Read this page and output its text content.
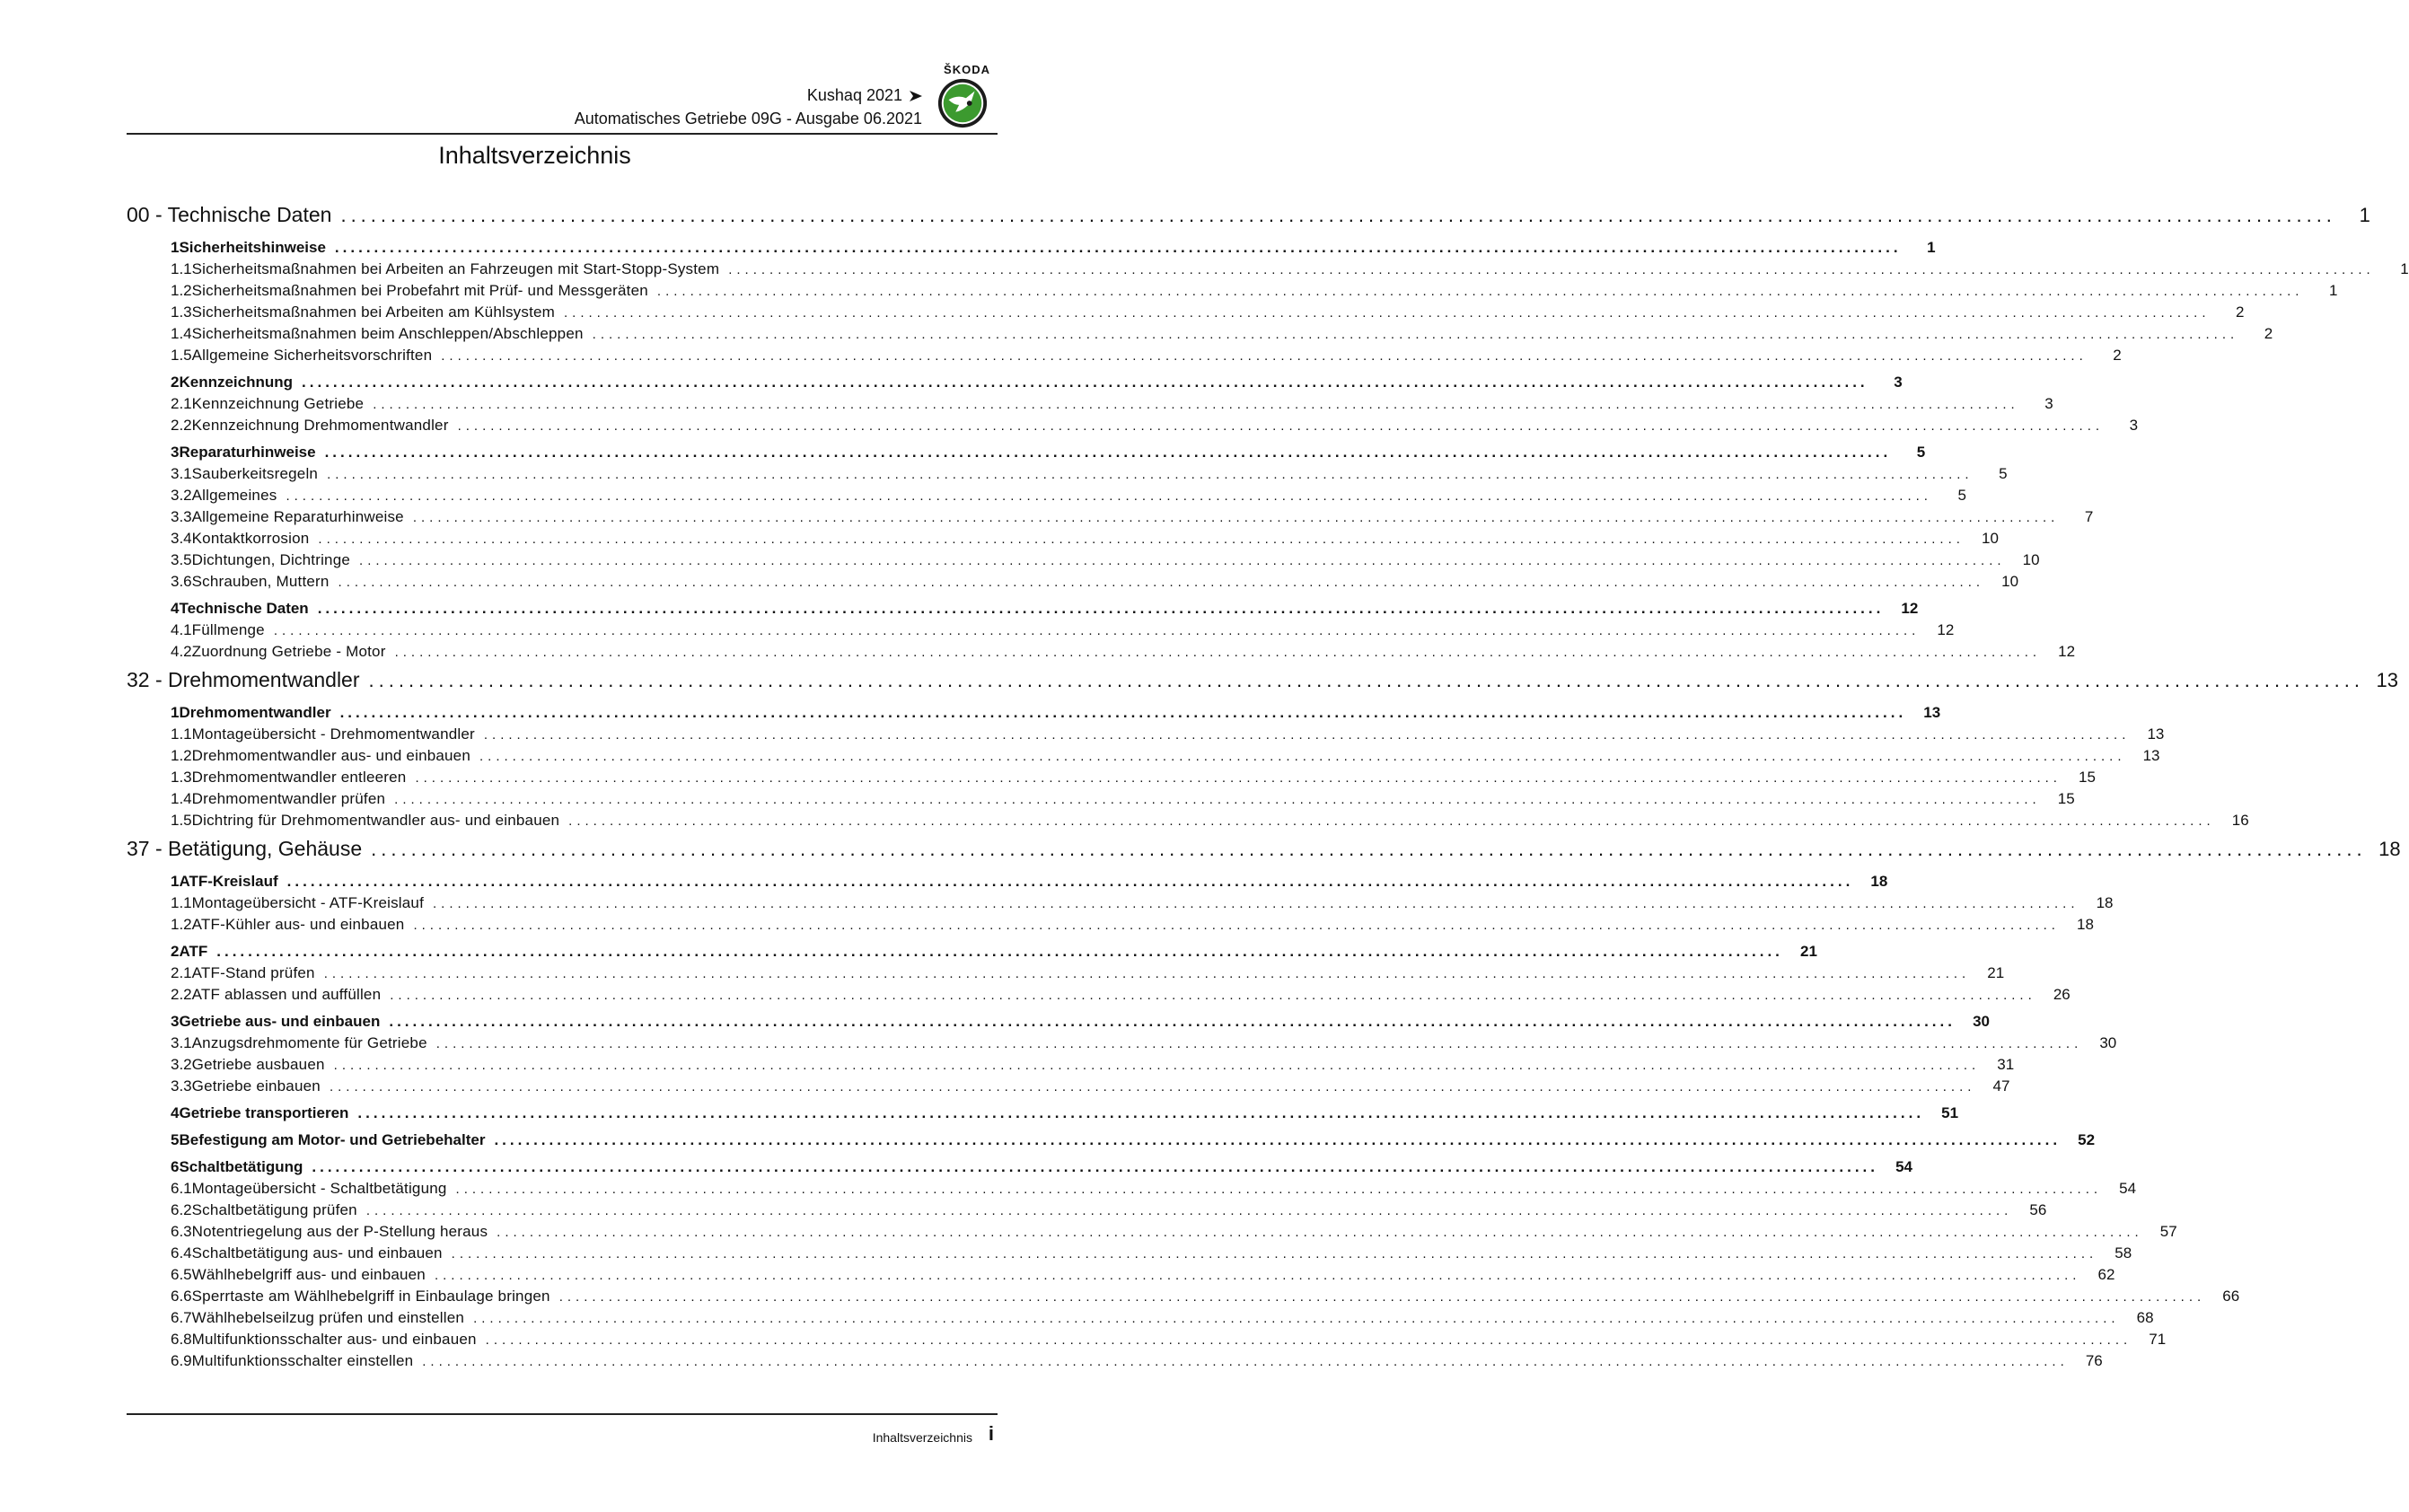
ŠKODA
Kushaq 2021
Automatisches Getriebe 09G - Ausgabe 06.2021
Inhaltsverzeichnis
00 - Technische Daten ........................................................................................................................................................................................................	1
1 Sicherheitshinweise ........................................................................................................................................................................................................	1
1.1 Sicherheitsmaßnahmen bei Arbeiten an Fahrzeugen mit Start-Stopp-System ........................................................................................................................................................................................................	1
1.2 Sicherheitsmaßnahmen bei Probefahrt mit Prüf- und Messgeräten ........................................................................................................................................................................................................	1
1.3 Sicherheitsmaßnahmen bei Arbeiten am Kühlsystem ........................................................................................................................................................................................................	2
1.4 Sicherheitsmaßnahmen beim Anschleppen/Abschleppen ........................................................................................................................................................................................................	2
1.5 Allgemeine Sicherheitsvorschriften ........................................................................................................................................................................................................	2
2 Kennzeichnung ........................................................................................................................................................................................................	3
2.1 Kennzeichnung Getriebe ........................................................................................................................................................................................................	3
2.2 Kennzeichnung Drehmomentwandler ........................................................................................................................................................................................................	3
3 Reparaturhinweise ........................................................................................................................................................................................................	5
3.1 Sauberkeitsregeln ........................................................................................................................................................................................................	5
3.2 Allgemeines ........................................................................................................................................................................................................	5
3.3 Allgemeine Reparaturhinweise ........................................................................................................................................................................................................	7
3.4 Kontaktkorrosion ........................................................................................................................................................................................................	10
3.5 Dichtungen, Dichtringe ........................................................................................................................................................................................................	10
3.6 Schrauben, Muttern ........................................................................................................................................................................................................	10
4 Technische Daten ........................................................................................................................................................................................................	12
4.1 Füllmenge ........................................................................................................................................................................................................	12
4.2 Zuordnung Getriebe - Motor ........................................................................................................................................................................................................	12
32 - Drehmomentwandler ........................................................................................................................................................................................................ 13
1 Drehmomentwandler ........................................................................................................................................................................................................	13
1.1 Montageübersicht - Drehmomentwandler ........................................................................................................................................................................................................	13
1.2 Drehmomentwandler aus- und einbauen ........................................................................................................................................................................................................	13
1.3 Drehmomentwandler entleeren ........................................................................................................................................................................................................	15
1.4 Drehmomentwandler prüfen ........................................................................................................................................................................................................	15
1.5 Dichtring für Drehmomentwandler aus- und einbauen ........................................................................................................................................................................................................	16
37 - Betätigung, Gehäuse ........................................................................................................................................................................................................ 18
1 ATF-Kreislauf ........................................................................................................................................................................................................	18
1.1 Montageübersicht - ATF-Kreislauf ........................................................................................................................................................................................................	18
1.2 ATF-Kühler aus- und einbauen ........................................................................................................................................................................................................	18
2 ATF ........................................................................................................................................................................................................	21
2.1 ATF-Stand prüfen ........................................................................................................................................................................................................	21
2.2 ATF ablassen und auffüllen ........................................................................................................................................................................................................	26
3 Getriebe aus- und einbauen ........................................................................................................................................................................................................	30
3.1 Anzugsdrehmomente für Getriebe ........................................................................................................................................................................................................	30
3.2 Getriebe ausbauen ........................................................................................................................................................................................................	31
3.3 Getriebe einbauen ........................................................................................................................................................................................................	47
4 Getriebe transportieren ........................................................................................................................................................................................................	51
5 Befestigung am Motor- und Getriebehalter ........................................................................................................................................................................................................	52
6 Schaltbetätigung ........................................................................................................................................................................................................	54
6.1 Montageübersicht - Schaltbetätigung ........................................................................................................................................................................................................	54
6.2 Schaltbetätigung prüfen ........................................................................................................................................................................................................	56
6.3 Notentriegelung aus der P-Stellung heraus ........................................................................................................................................................................................................	57
6.4 Schaltbetätigung aus- und einbauen ........................................................................................................................................................................................................	58
6.5 Wählhebelgriff aus- und einbauen ........................................................................................................................................................................................................	62
6.6 Sperrtaste am Wählhebelgriff in Einbaulage bringen ........................................................................................................................................................................................................	66
6.7 Wählhebelseilzug prüfen und einstellen ........................................................................................................................................................................................................	68
6.8 Multifunktionsschalter aus- und einbauen ........................................................................................................................................................................................................	71
6.9 Multifunktionsschalter einstellen ........................................................................................................................................................................................................	76
Inhaltsverzeichnis i
